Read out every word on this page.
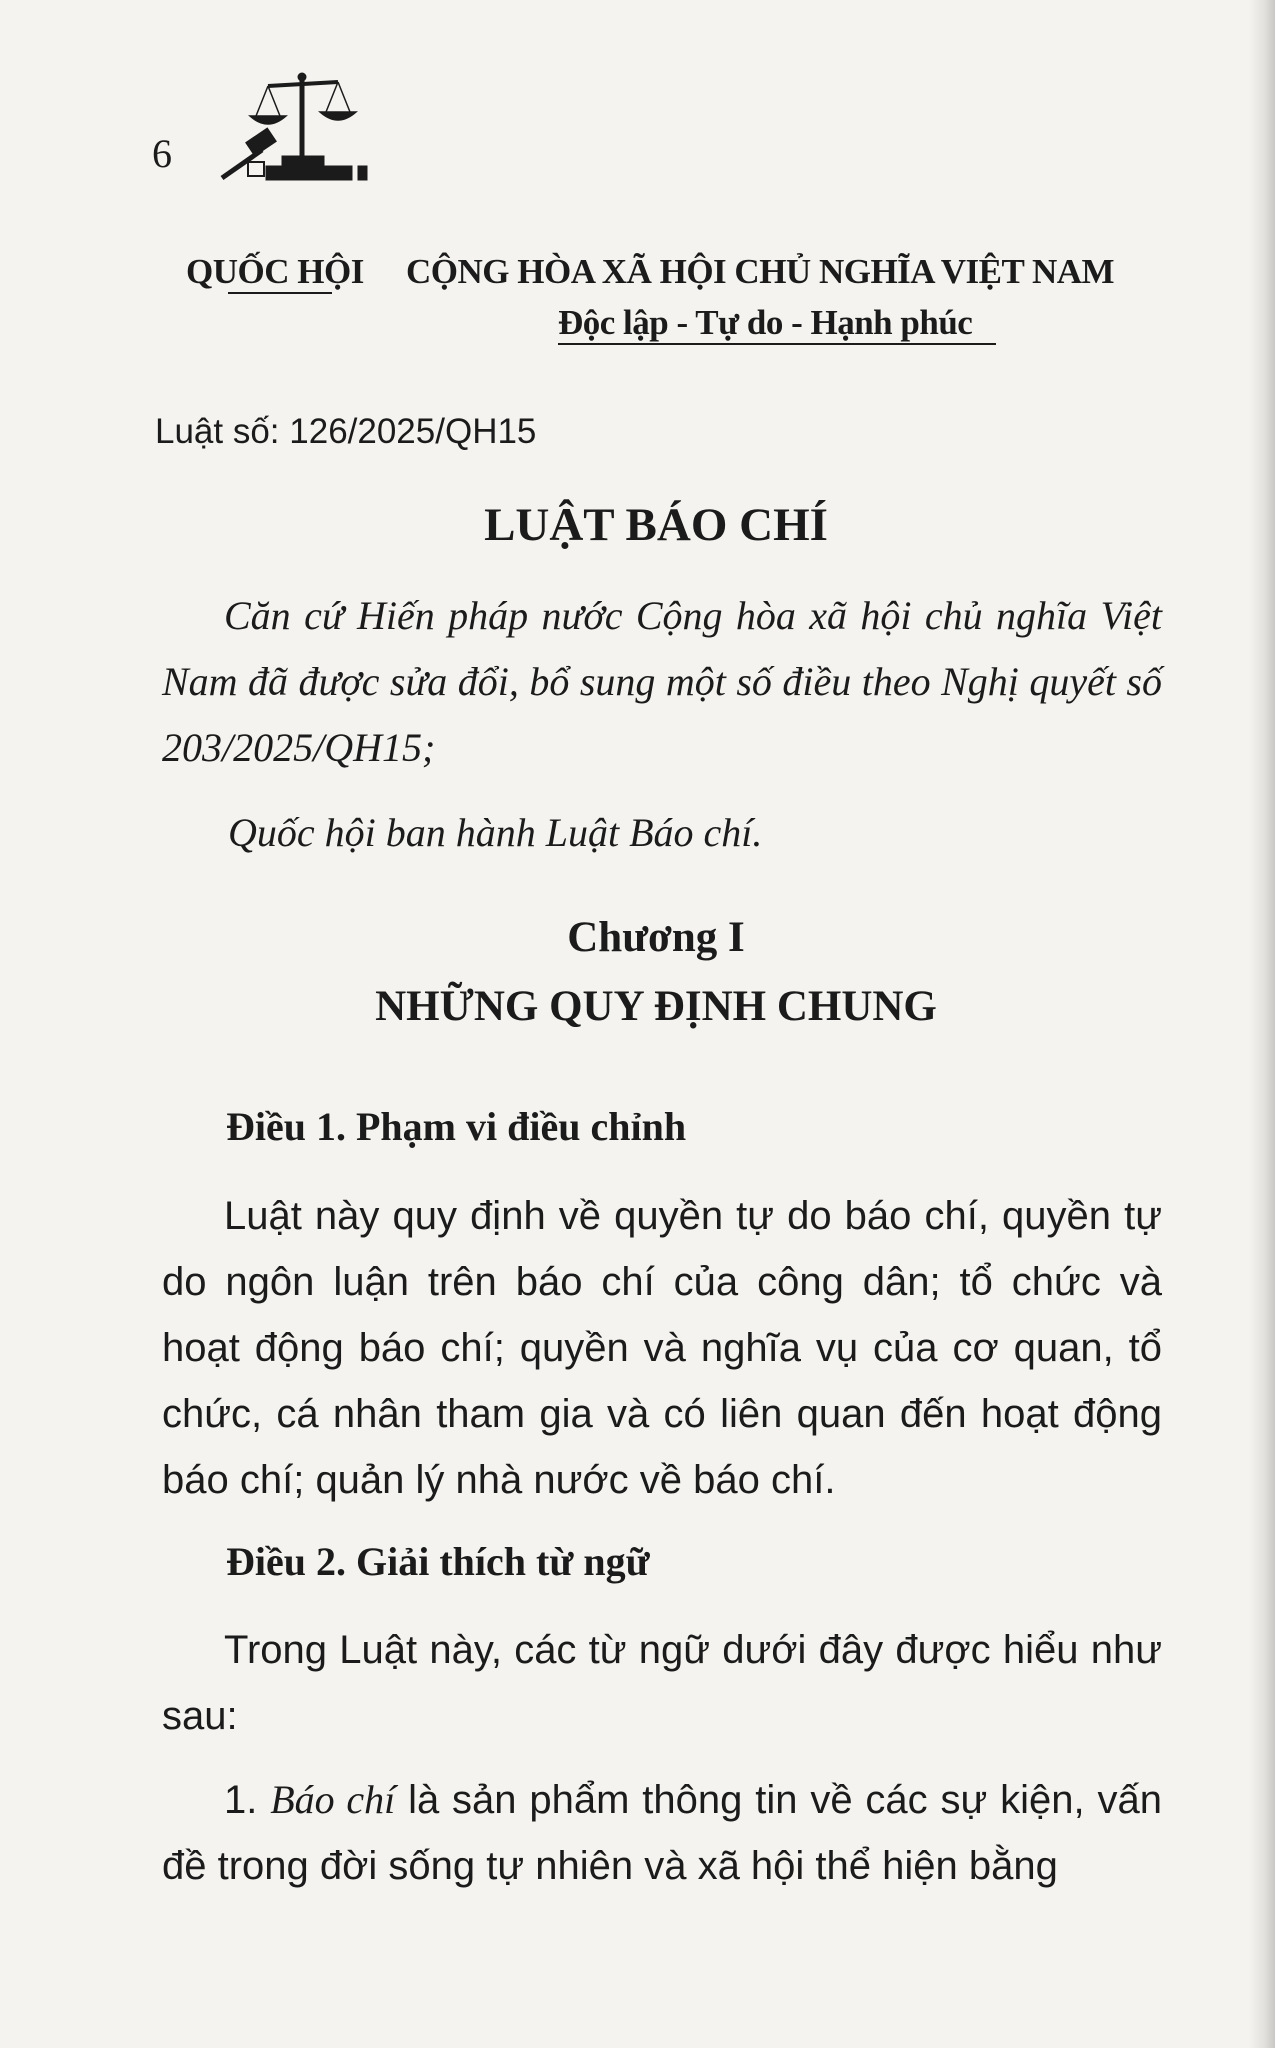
6
QUỐC HỘI CỘNG HÒA XÃ HỘI CHỦ NGHĨA VIỆT NAM
Độc lập - Tự do - Hạnh phúc
Luật số: 126/2025/QH15
LUẬT BÁO CHÍ
Căn cứ Hiến pháp nước Cộng hòa xã hội chủ nghĩa Việt Nam đã được sửa đổi, bổ sung một số điều theo Nghị quyết số 203/2025/QH15;
Quốc hội ban hành Luật Báo chí.
Chương I
NHỮNG QUY ĐỊNH CHUNG
Điều 1. Phạm vi điều chỉnh
Luật này quy định về quyền tự do báo chí, quyền tự do ngôn luận trên báo chí của công dân; tổ chức và hoạt động báo chí; quyền và nghĩa vụ của cơ quan, tổ chức, cá nhân tham gia và có liên quan đến hoạt động báo chí; quản lý nhà nước về báo chí.
Điều 2. Giải thích từ ngữ
Trong Luật này, các từ ngữ dưới đây được hiểu như sau:
1. Báo chí là sản phẩm thông tin về các sự kiện, vấn đề trong đời sống tự nhiên và xã hội thể hiện bằng
